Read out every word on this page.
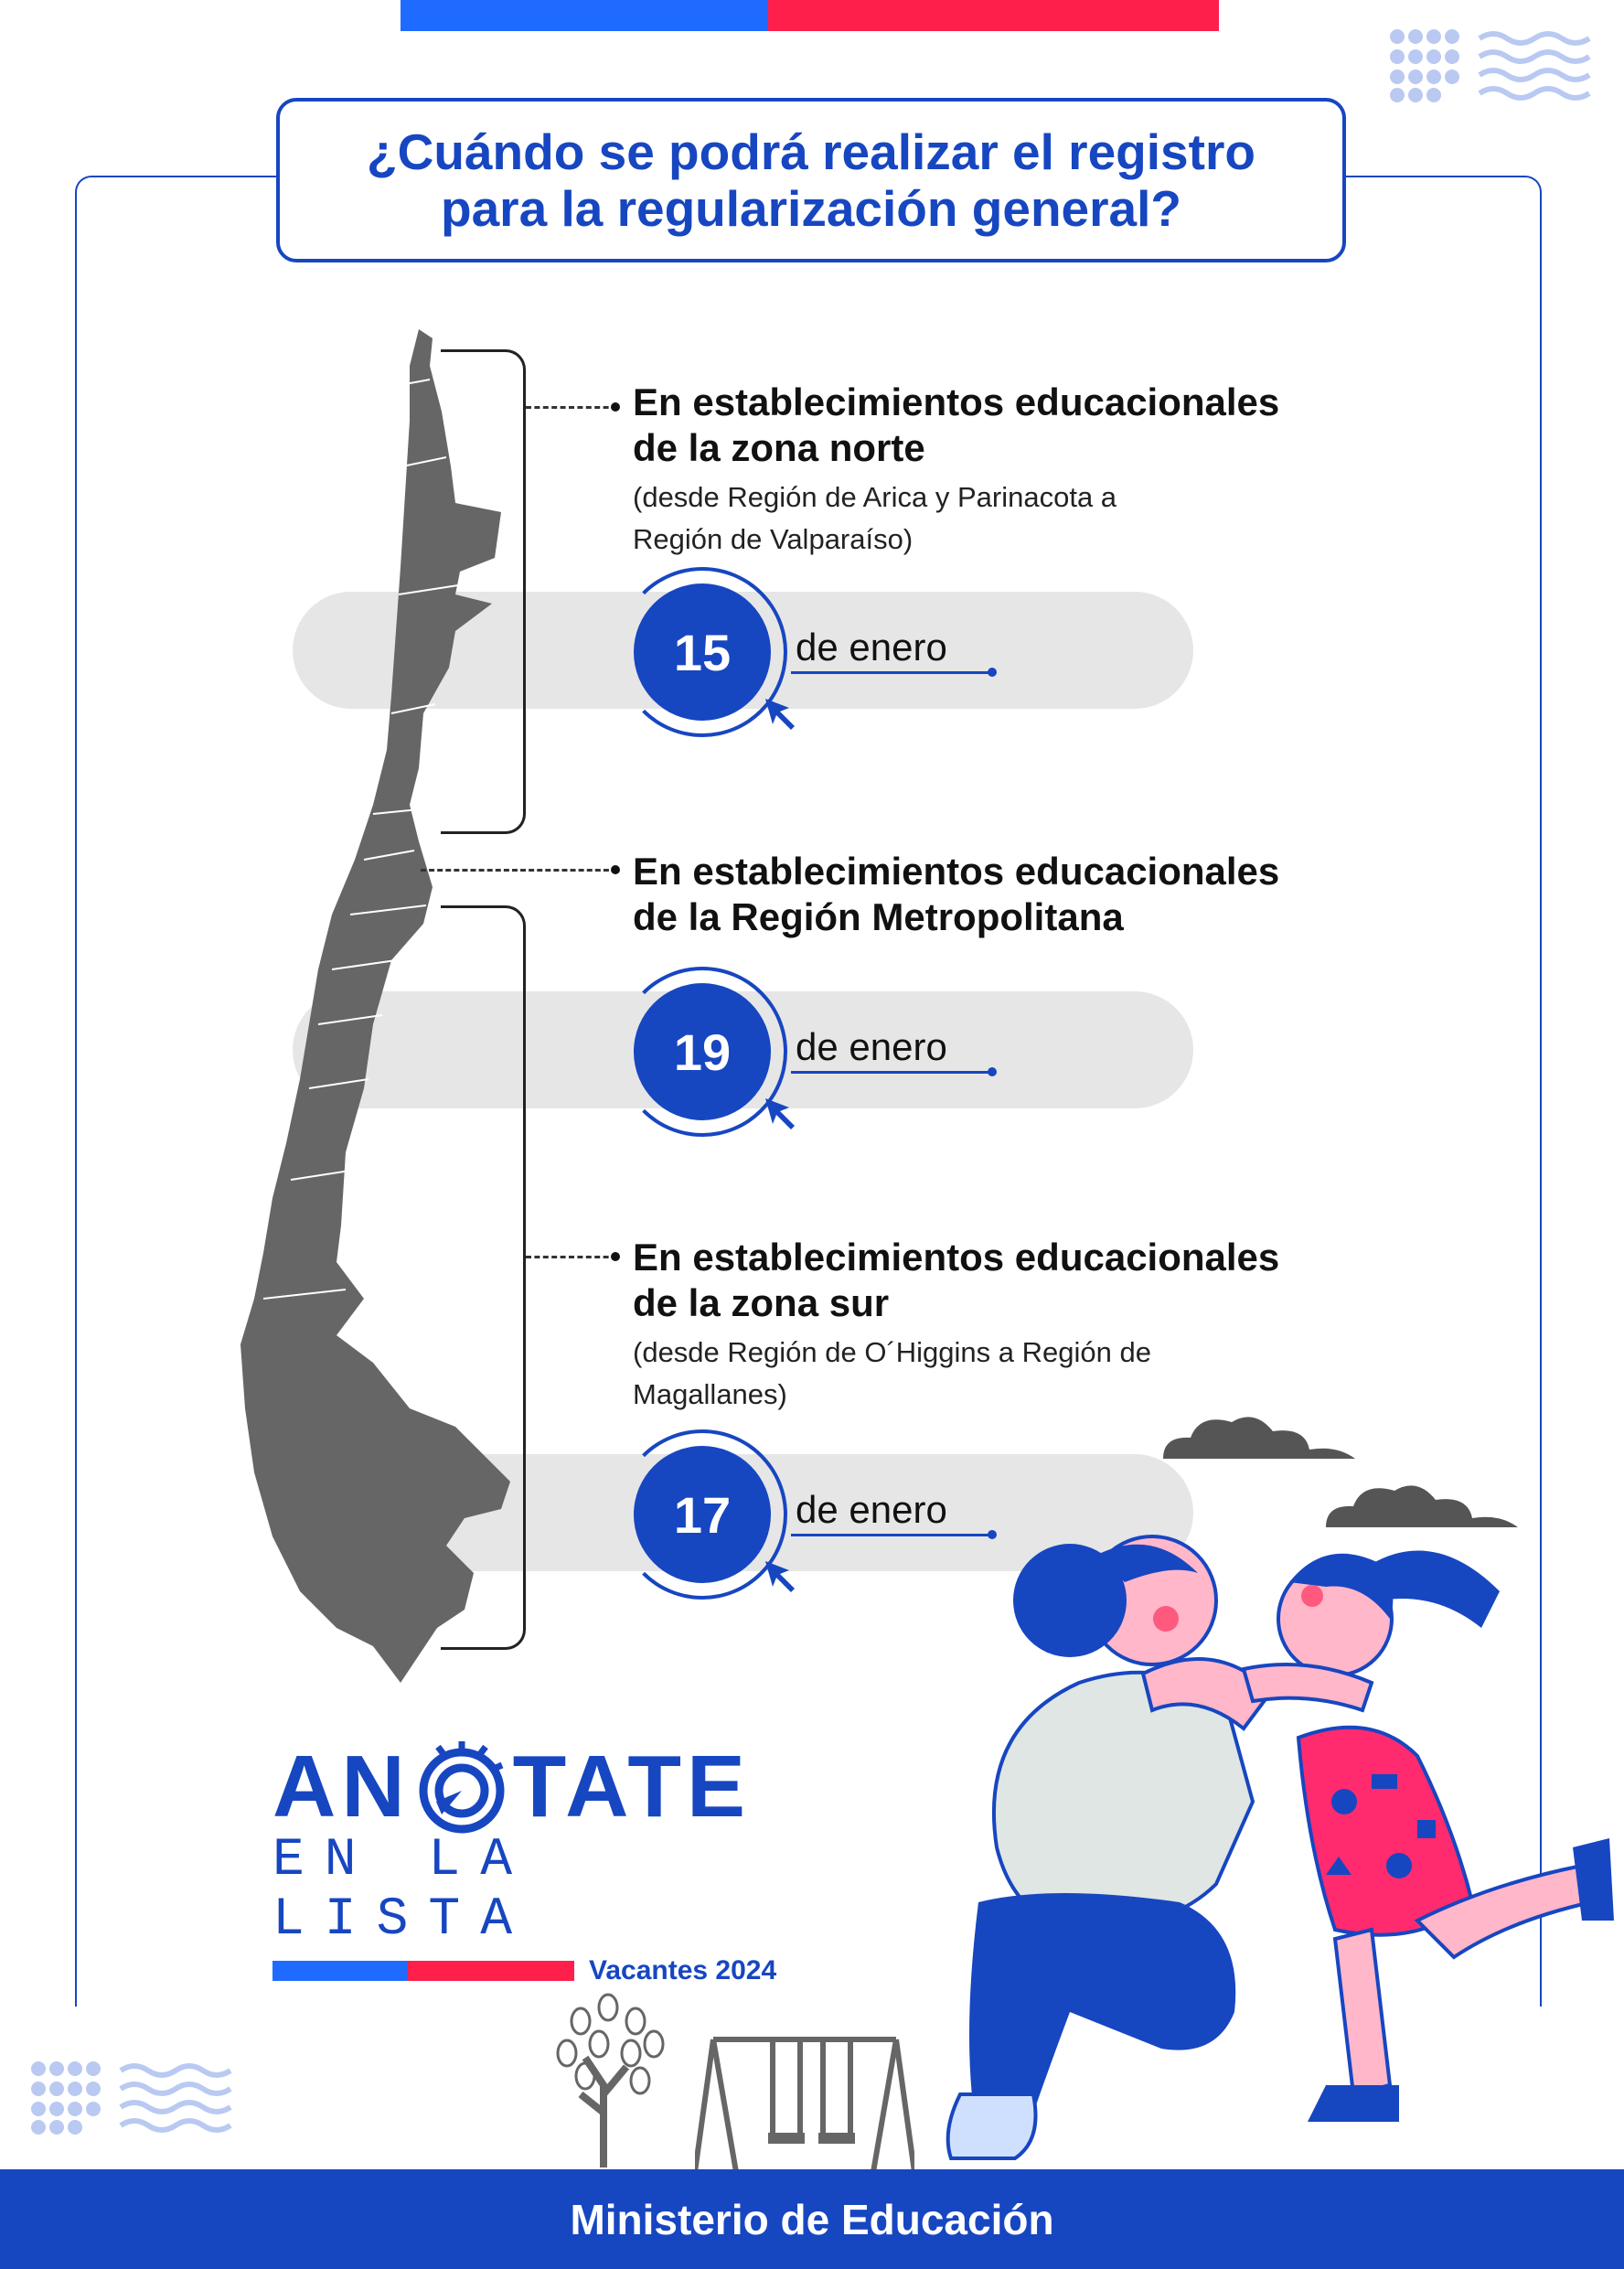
¿Cuándo se podrá realizar el registro
para la regularización general?
En establecimientos educacionales
de la zona norte
(desde Región de Arica y Parinacota a
Región de Valparaíso)
15	de enero
En establecimientos educacionales
de la Región Metropolitana
19	de enero
En establecimientos educacionales
de la zona sur
(desde Región de O´Higgins a Región de
Magallanes)
17	de enero
AN TATE
EN LA LISTA
Vacantes 2024
Ministerio de Educación
